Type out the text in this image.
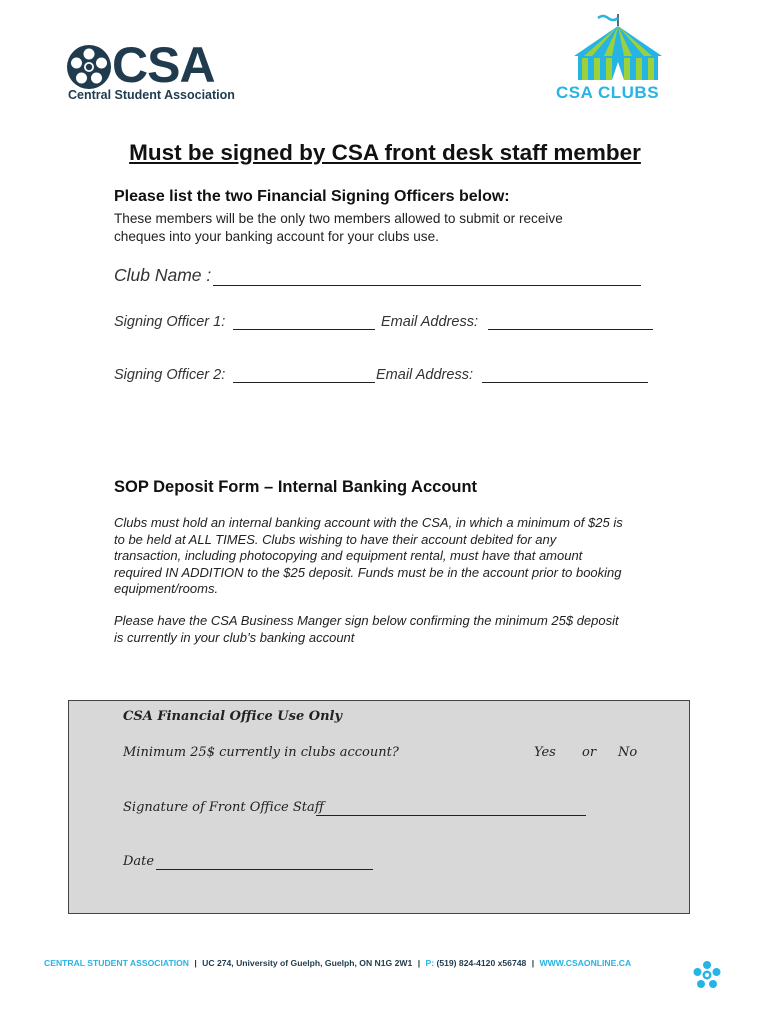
CSA
Central Student Association	CSA CLUBS
Must be signed by CSA front desk staff member
Please list the two Financial Signing Officers below:
These members will be the only two members allowed to submit or receive
cheques into your banking account for your clubs use.
Club Name :
Signing Officer 1:	Email Address:
Signing Officer 2:	Email Address:
SOP Deposit Form – Internal Banking Account
Clubs must hold an internal banking account with the CSA, in which a minimum of $25 is
to be held at ALL TIMES. Clubs wishing to have their account debited for any
transaction, including photocopying and equipment rental, must have that amount
required IN ADDITION to the $25 deposit. Funds must be in the account prior to booking
equipment/rooms.
Please have the CSA Business Manger sign below confirming the minimum 25$ deposit
is currently in your club’s banking account
CSA Financial Office Use Only
Minimum 25$ currently in clubs account?	Yes or No
Signature of Front Office Staff
Date
CENTRAL STUDENT ASSOCIATION | UC 274, University of Guelph, Guelph, ON N1G 2W1 | P: (519) 824-4120 x56748 | WWW.CSAONLINE.CA
